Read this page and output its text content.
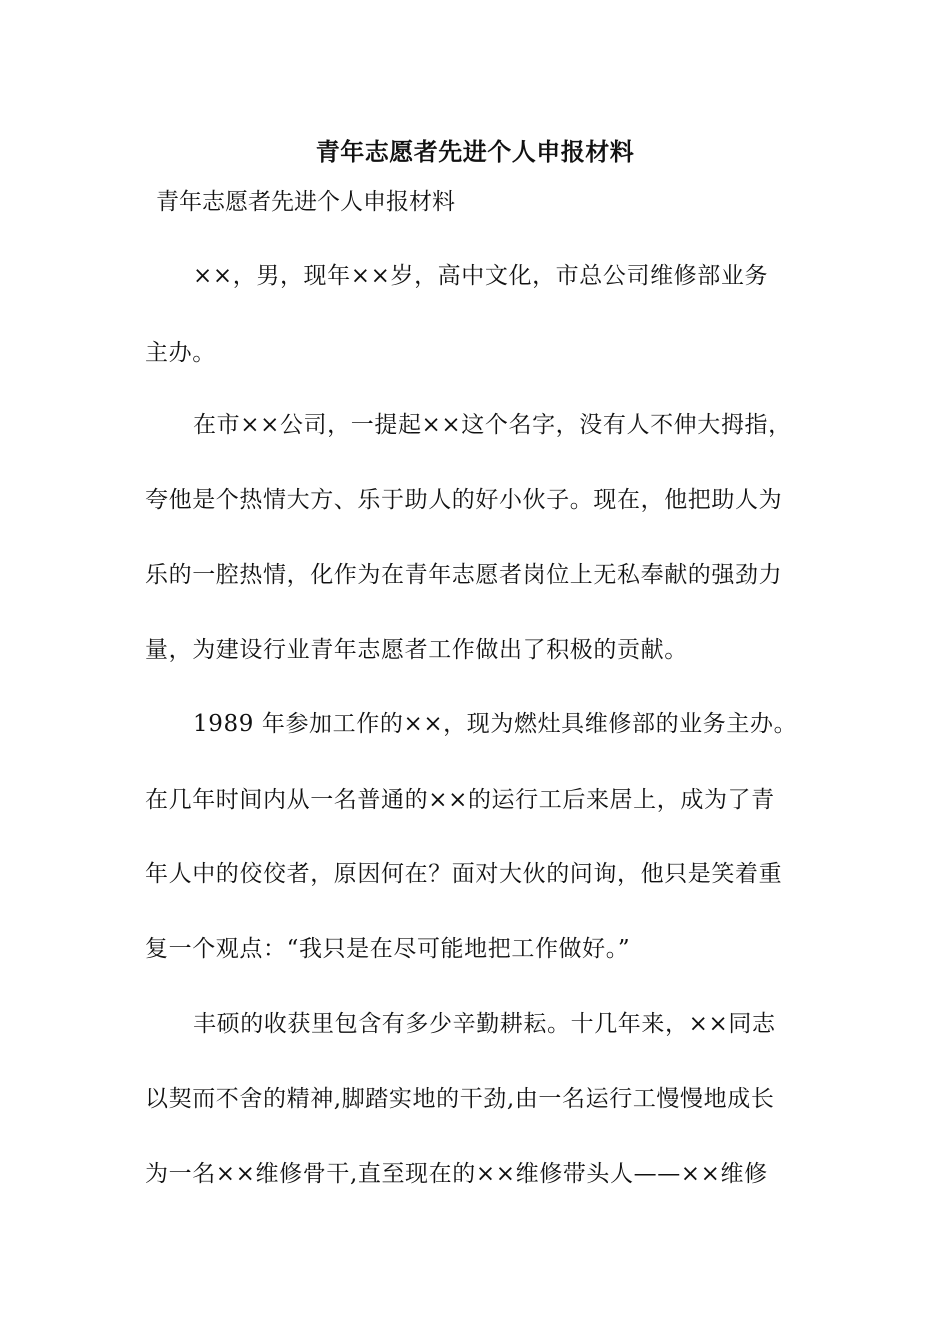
青年志愿者先进个人申报材料
青年志愿者先进个人申报材料
××，男，现年××岁，高中文化，市总公司维修部业务
主办。
在市××公司，一提起××这个名字，没有人不伸大拇指，
夸他是个热情大方、乐于助人的好小伙子。现在，他把助人为
乐的一腔热情，化作为在青年志愿者岗位上无私奉献的强劲力
量，为建设行业青年志愿者工作做出了积极的贡献。
1989 年参加工作的××，现为燃灶具维修部的业务主办。
在几年时间内从一名普通的××的运行工后来居上，成为了青
年人中的佼佼者，原因何在？面对大伙的问询，他只是笑着重
复一个观点：“我只是在尽可能地把工作做好。”
丰硕的收获里包含有多少辛勤耕耘。十几年来，××同志
以契而不舍的精神,脚踏实地的干劲,由一名运行工慢慢地成长
为一名××维修骨干,直至现在的××维修带头人——××维修
